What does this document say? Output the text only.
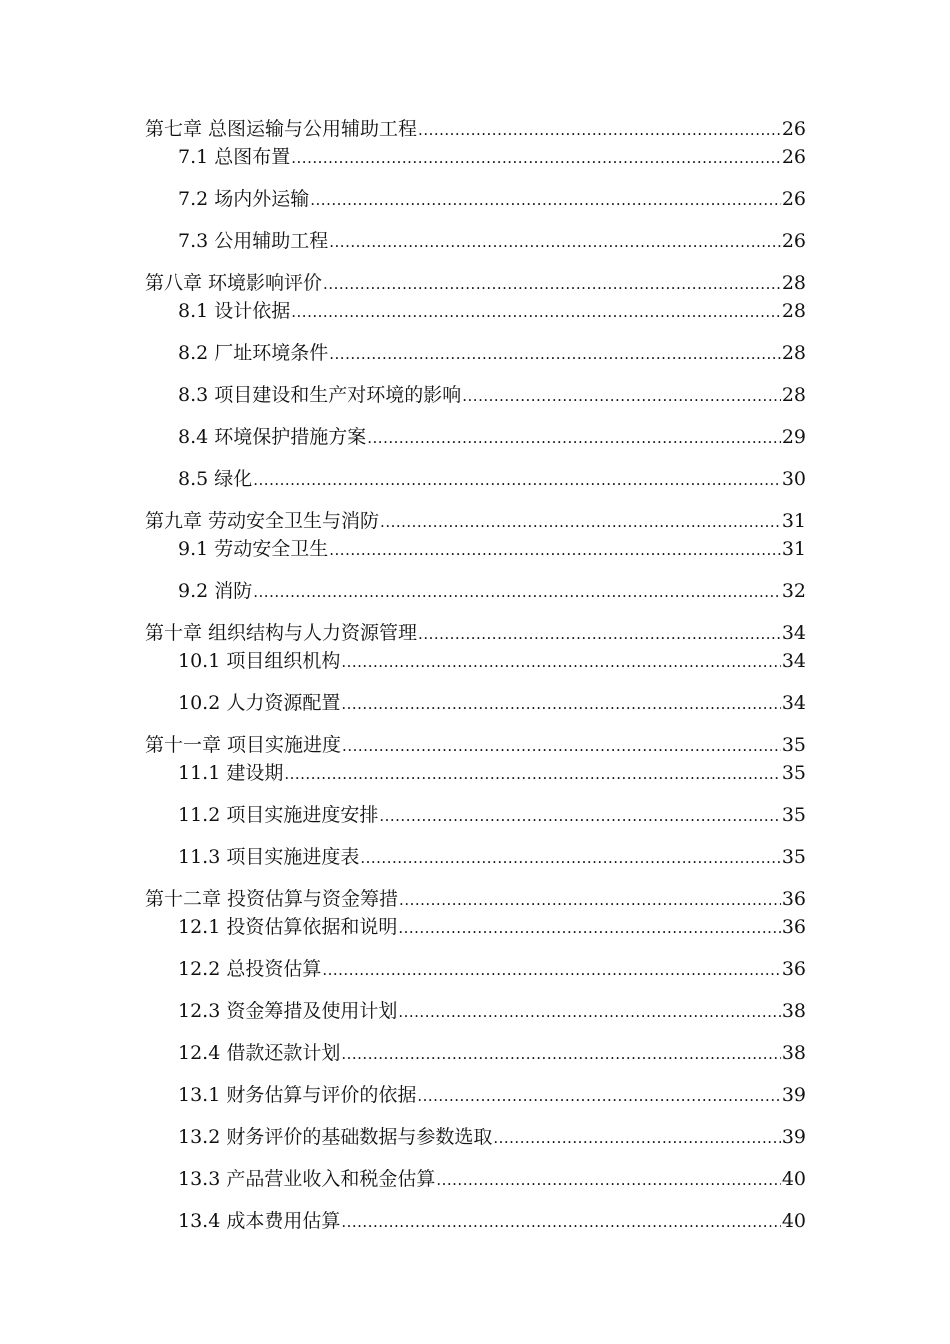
第七章 总图运输与公用辅助工程 .....	26
7.1 总图布置 .....	26
7.2 场内外运输 .....	26
7.3 公用辅助工程 .....	26
第八章 环境影响评价 .....	28
8.1 设计依据 .....	28
8.2 厂址环境条件 .....	28
8.3 项目建设和生产对环境的影响 .....	28
8.4 环境保护措施方案 .....	29
8.5 绿化 .....	30
第九章 劳动安全卫生与消防 .....	31
9.1 劳动安全卫生 .....	31
9.2 消防 .....	32
第十章 组织结构与人力资源管理 .....	34
10.1 项目组织机构 .....	34
10.2 人力资源配置 .....	34
第十一章 项目实施进度 .....	35
11.1 建设期 .....	35
11.2 项目实施进度安排 .....	35
11.3 项目实施进度表 .....	35
第十二章 投资估算与资金筹措 .....	36
12.1 投资估算依据和说明 .....	36
12.2 总投资估算 .....	36
12.3 资金筹措及使用计划 .....	38
12.4 借款还款计划 .....	38
13.1 财务估算与评价的依据 .....	39
13.2 财务评价的基础数据与参数选取 .....	39
13.3 产品营业收入和税金估算 .....	40
13.4 成本费用估算 .....	40
